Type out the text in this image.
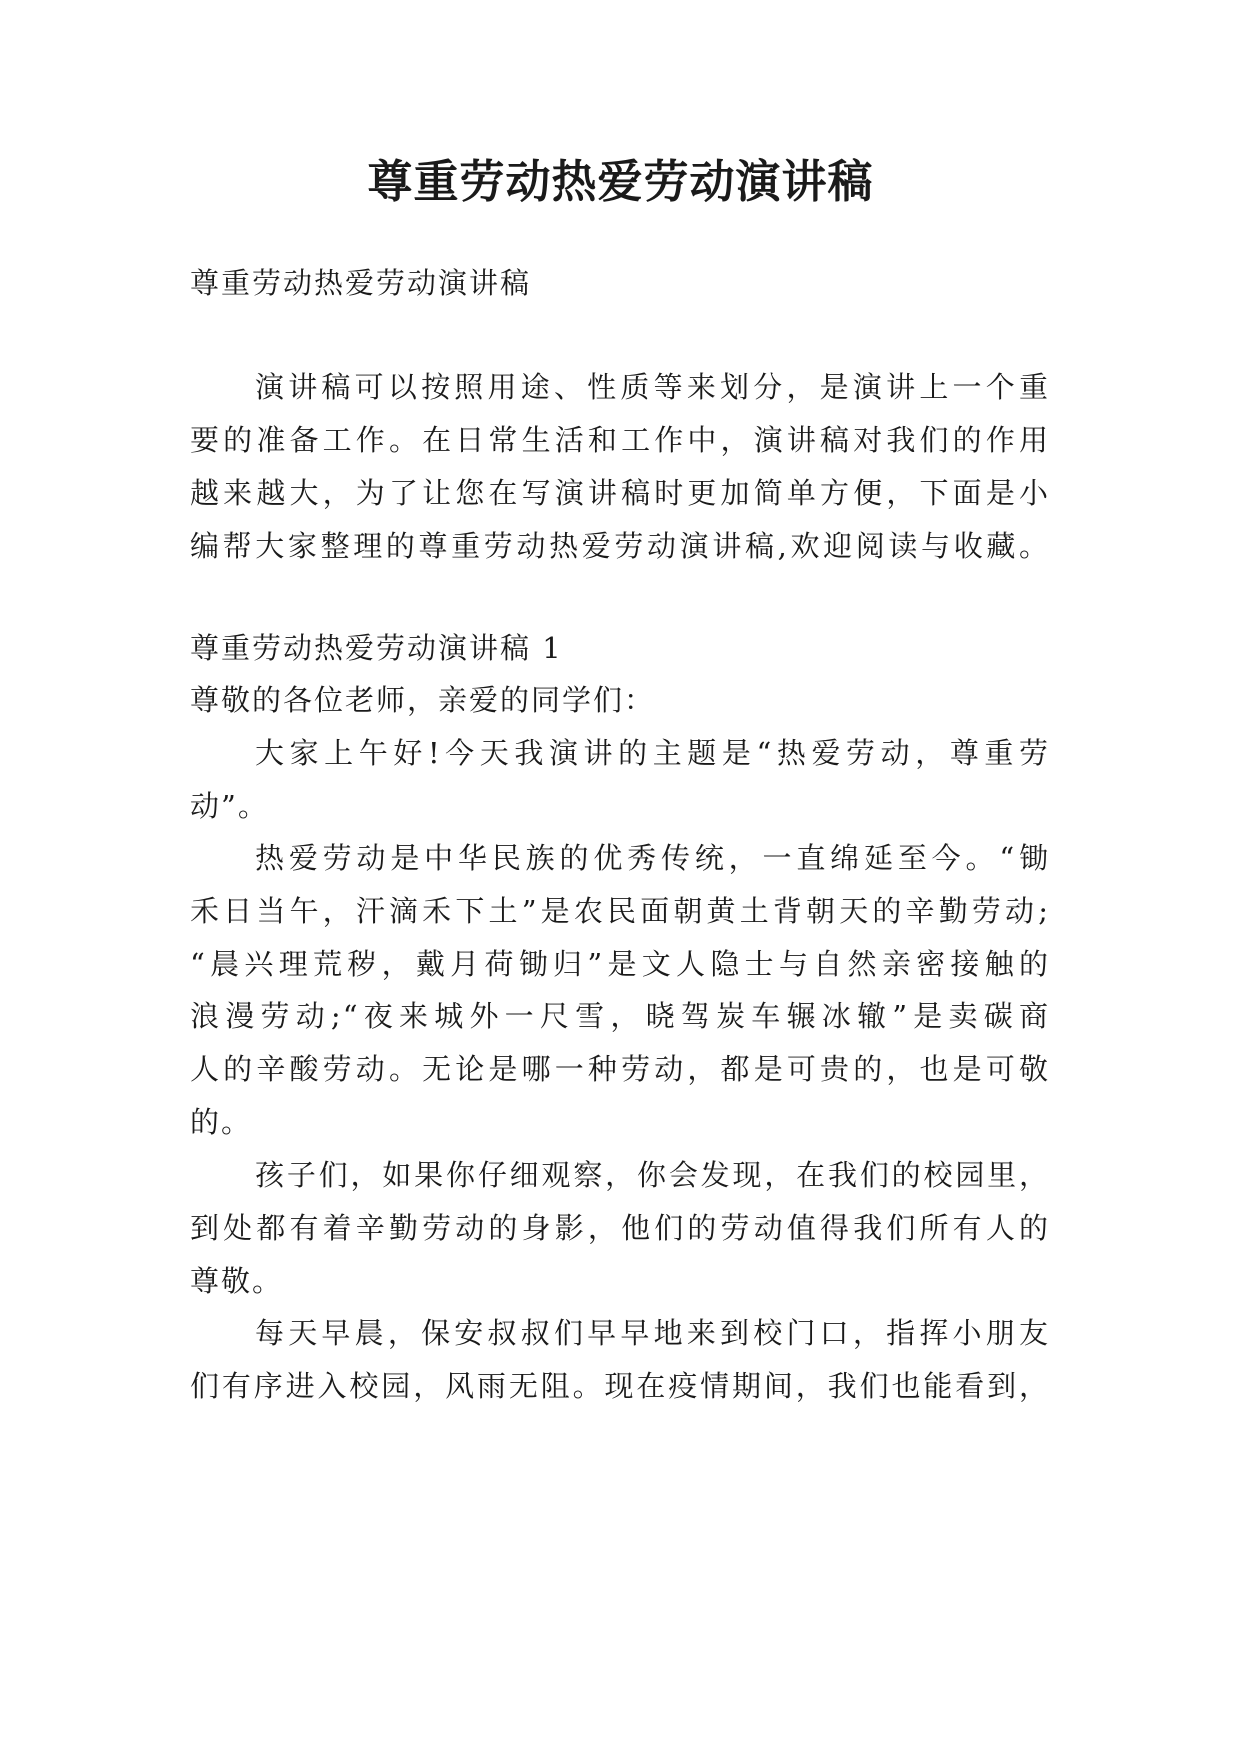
尊重劳动热爱劳动演讲稿

尊重劳动热爱劳动演讲稿

演讲稿可以按照用途、性质等来划分，是演讲上一个重

要的准备工作。在日常生活和工作中，演讲稿对我们的作用

越来越大，为了让您在写演讲稿时更加简单方便，下面是小

编帮大家整理的尊重劳动热爱劳动演讲稿,欢迎阅读与收藏。

尊重劳动热爱劳动演讲稿 1

尊敬的各位老师，亲爱的同学们：

大家上午好!今天我演讲的主题是“热爱劳动，尊重劳

动”。

热爱劳动是中华民族的优秀传统，一直绵延至今。“锄

禾日当午，汗滴禾下土”是农民面朝黄土背朝天的辛勤劳动;

“晨兴理荒秽，戴月荷锄归”是文人隐士与自然亲密接触的

浪漫劳动;“夜来城外一尺雪，晓驾炭车辗冰辙”是卖碳商

人的辛酸劳动。无论是哪一种劳动，都是可贵的，也是可敬

的。

孩子们，如果你仔细观察，你会发现，在我们的校园里，

到处都有着辛勤劳动的身影，他们的劳动值得我们所有人的

尊敬。

每天早晨，保安叔叔们早早地来到校门口，指挥小朋友

们有序进入校园，风雨无阻。现在疫情期间，我们也能看到，
